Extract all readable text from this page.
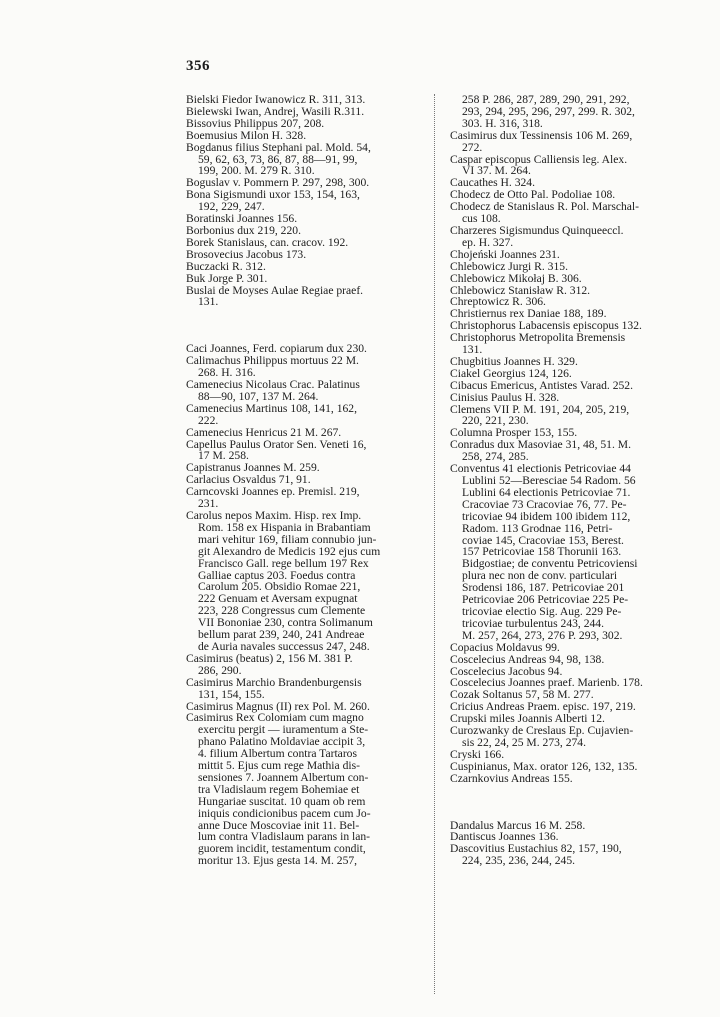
356
Bielski Fiedor Iwanowicz R. 311, 313.
Bielewski Iwan, Andrej, Wasili R.311.
Bissovius Philippus 207, 208.
Boemusius Milon H. 328.
Bogdanus filius Stephani pal. Mold. 54,
59, 62, 63, 73, 86, 87, 88—91, 99,
199, 200. M. 279 R. 310.
Boguslav v. Pommern P. 297, 298, 300.
Bona Sigismundi uxor 153, 154, 163,
192, 229, 247.
Boratinski Joannes 156.
Borbonius dux 219, 220.
Borek Stanislaus, can. cracov. 192.
Brosovecius Jacobus 173.
Buczacki R. 312.
Buk Jorge P. 301.
Buslai de Moyses Aulae Regiae praef.
131.
Caci Joannes, Ferd. copiarum dux 230.
Calimachus Philippus mortuus 22 M.
268. H. 316.
Camenecius Nicolaus Crac. Palatinus
88—90, 107, 137 M. 264.
Camenecius Martinus 108, 141, 162,
222.
Camenecius Henricus 21 M. 267.
Capellus Paulus Orator Sen. Veneti 16,
17 M. 258.
Capistranus Joannes M. 259.
Carlacius Osvaldus 71, 91.
Carncovski Joannes ep. Premisl. 219,
231.
Carolus nepos Maxim. Hisp. rex Imp.
Rom. 158 ex Hispania in Brabantiam
mari vehitur 169, filiam connubio jun-
git Alexandro de Medicis 192 ejus cum
Francisco Gall. rege bellum 197 Rex
Galliae captus 203. Foedus contra
Carolum 205. Obsidio Romae 221,
222 Genuam et Aversam expugnat
223, 228 Congressus cum Clemente
VII Bononiae 230, contra Solimanum
bellum parat 239, 240, 241 Andreae
de Auria navales successus 247, 248.
Casimirus (beatus) 2, 156 M. 381 P.
286, 290.
Casimirus Marchio Brandenburgensis
131, 154, 155.
Casimirus Magnus (II) rex Pol. M. 260.
Casimirus Rex Colomiam cum magno
exercitu pergit — iuramentum a Ste-
phano Palatino Moldaviae accipit 3,
4. filium Albertum contra Tartaros
mittit 5. Ejus cum rege Mathia dis-
sensiones 7. Joannem Albertum con-
tra Vladislaum regem Bohemiae et
Hungariae suscitat. 10 quam ob rem
iniquis condicionibus pacem cum Jo-
anne Duce Moscoviae init 11. Bel-
lum contra Vladislaum parans in lan-
guorem incidit, testamentum condit,
moritur 13. Ejus gesta 14. M. 257,
258 P. 286, 287, 289, 290, 291, 292,
293, 294, 295, 296, 297, 299. R. 302,
303. H. 316, 318.
Casimirus dux Tessinensis 106 M. 269,
272.
Caspar episcopus Calliensis leg. Alex.
VI 37. M. 264.
Caucathes H. 324.
Chodecz de Otto Pal. Podoliae 108.
Chodecz de Stanislaus R. Pol. Marschal-
cus 108.
Charzeres Sigismundus Quinqueeccl.
ep. H. 327.
Chojeński Joannes 231.
Chlebowicz Jurgi R. 315.
Chlebowicz Mikołaj B. 306.
Chlebowicz Stanisław R. 312.
Chreptowicz R. 306.
Christiernus rex Daniae 188, 189.
Christophorus Labacensis episcopus 132.
Christophorus Metropolita Bremensis
131.
Chugbitius Joannes H. 329.
Ciakel Georgius 124, 126.
Cibacus Emericus, Antistes Varad. 252.
Cinisius Paulus H. 328.
Clemens VII P. M. 191, 204, 205, 219,
220, 221, 230.
Columna Prosper 153, 155.
Conradus dux Masoviae 31, 48, 51. M.
258, 274, 285.
Conventus 41 electionis Petricoviae 44
Lublini 52—Beresciae 54 Radom. 56
Lublini 64 electionis Petricoviae 71.
Cracoviae 73 Cracoviae 76, 77. Pe-
tricoviae 94 ibidem 100 ibidem 112,
Radom. 113 Grodnae 116, Petri-
coviae 145, Cracoviae 153, Berest.
157 Petricoviae 158 Thorunii 163.
Bidgostiae; de conventu Petricoviensi
plura nec non de conv. particulari
Srodensi 186, 187. Petricoviae 201
Petricoviae 206 Petricoviae 225 Pe-
tricoviae electio Sig. Aug. 229 Pe-
tricoviae turbulentus 243, 244.
M. 257, 264, 273, 276 P. 293, 302.
Copacius Moldavus 99.
Coscelecius Andreas 94, 98, 138.
Coscelecius Jacobus 94.
Coscelecius Joannes praef. Marienb. 178.
Cozak Soltanus 57, 58 M. 277.
Cricius Andreas Praem. episc. 197, 219.
Crupski miles Joannis Alberti 12.
Curozwanky de Creslaus Ep. Cujavien-
sis 22, 24, 25 M. 273, 274.
Cryski 166.
Cuspinianus, Max. orator 126, 132, 135.
Czarnkovius Andreas 155.
Dandalus Marcus 16 M. 258.
Dantiscus Joannes 136.
Dascovitius Eustachius 82, 157, 190,
224, 235, 236, 244, 245.
